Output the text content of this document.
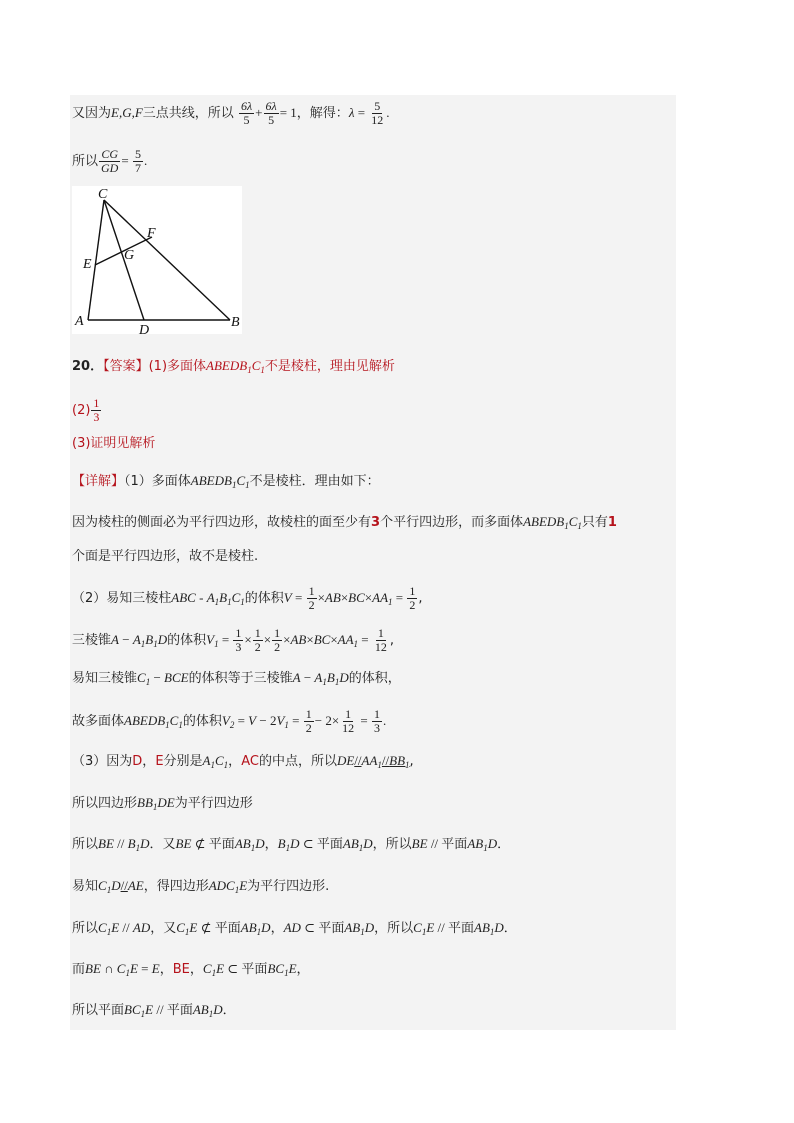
又因为E,G,F三点共线，所以 $\frac{6\lambda}{5} + \frac{6\lambda}{5} = 1$，解得：$\lambda = \frac{5}{12}$ .
所以 $\frac{CG}{GD} = \frac{5}{7}$ .
C
A	B
D
E
F
G
20．【答案】(1)多面体$ABEDB_1C_1$不是棱柱，理由见解析
$(2) \frac{1}{3}$
(3)证明见解析
【详解】（1）多面体$ABEDB_1C_1$不是棱柱．理由如下：
因为棱柱的侧面必为平行四边形，故棱柱的面至少有3个平行四边形，而多面体$ABEDB_1C_1$只有1
个面是平行四边形，故不是棱柱.
（2）易知三棱柱ABC - $A_1B_1C_1$的体积$V = \frac{1}{2} \times AB\times BC\times AA_1 = \frac{1}{2}$ ,
三棱锥$A - A_1B_1D$的体积$V_1 = \frac{1}{3} \times \frac{1}{2} \times \frac{1}{2} \times AB\times BC\times AA_1 = \frac{1}{12}$ ,
易知三棱锥$C_1$ − BCE的体积等于三棱锥$A - A_1B_1D$的体积，
故多面体$ABEDB_1C_1$的体积$V_2 = V - 2V_1 = \frac{1}{2} - 2\times \frac{1}{12} = \frac{1}{3}$ .
（3）因为D，E分别是$A_1C_1$，AC的中点，所以$DE//AA_1//BB_1$,
所以四边形$BB_1DE$为平行四边形
所以BE // $B_1D$．又BE ⊄ 平面$AB_1D$，$B_1D$ ⊂ 平面$AB_1D$，所以BE // 平面$AB_1D$．
易知$C_1D//AE$，得四边形$ADC_1E$为平行四边形.
所以$C_1E$ // AD，又$C_1E$ ⊄ 平面$AB_1D$，AD ⊂ 平面$AB_1D$，所以$C_1E$ // 平面$AB_1D$．
而BE ∩ $C_1E = E$，BE，$C_1E$ ⊂ 平面$BC_1E$，
所以平面$BC_1E$ // 平面$AB_1D$．
